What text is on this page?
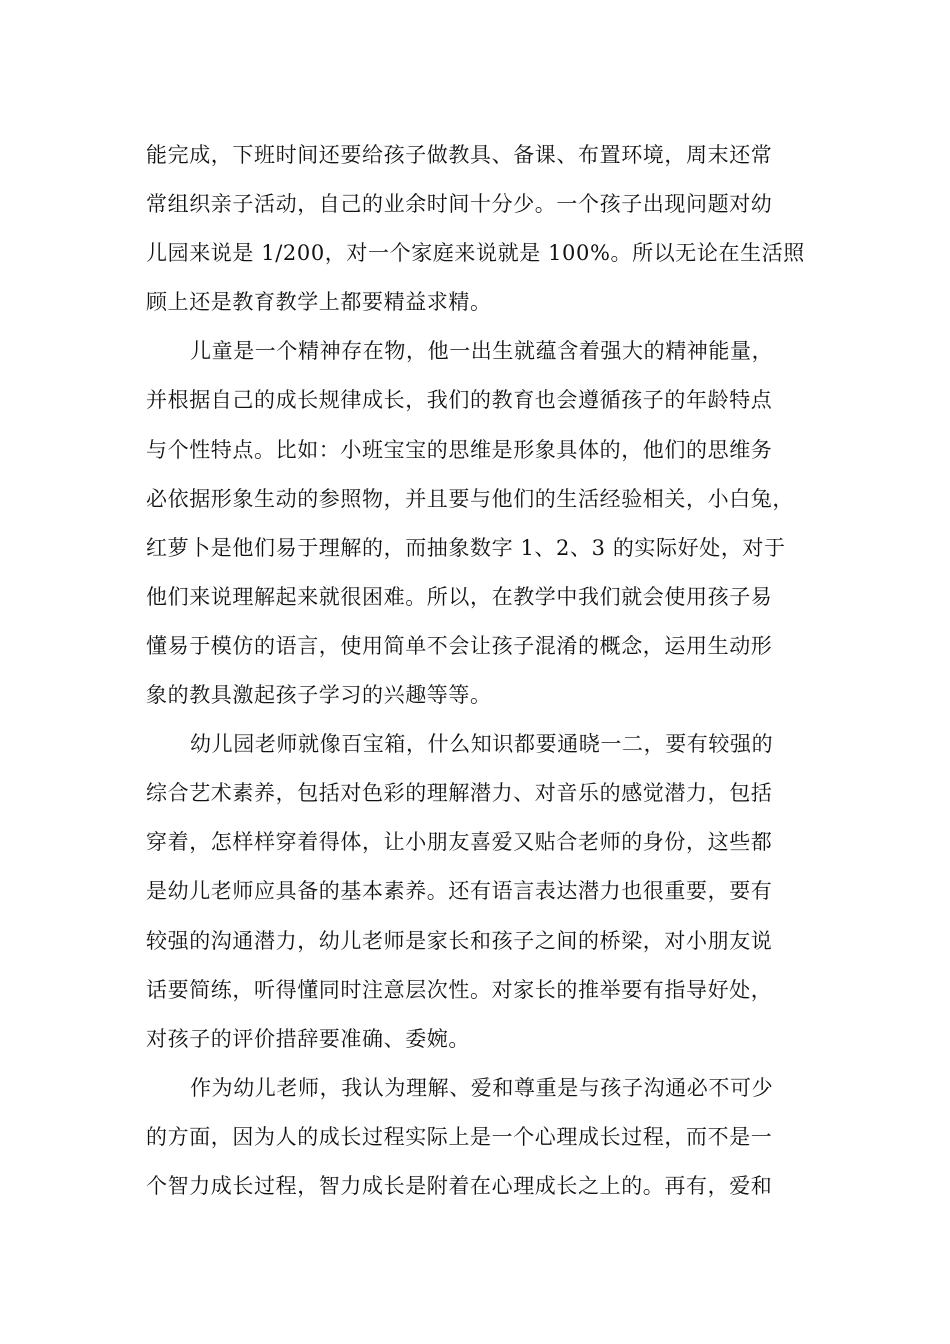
能完成，下班时间还要给孩子做教具、备课、布置环境，周末还常
常组织亲子活动，自己的业余时间十分少。一个孩子出现问题对幼
儿园来说是 1/200，对一个家庭来说就是 100%。所以无论在生活照
顾上还是教育教学上都要精益求精。
儿童是一个精神存在物，他一出生就蕴含着强大的精神能量，
并根据自己的成长规律成长，我们的教育也会遵循孩子的年龄特点
与个性特点。比如：小班宝宝的思维是形象具体的，他们的思维务
必依据形象生动的参照物，并且要与他们的生活经验相关，小白兔，
红萝卜是他们易于理解的，而抽象数字 1、2、3 的实际好处，对于
他们来说理解起来就很困难。所以，在教学中我们就会使用孩子易
懂易于模仿的语言，使用简单不会让孩子混淆的概念，运用生动形
象的教具激起孩子学习的兴趣等等。
幼儿园老师就像百宝箱，什么知识都要通晓一二，要有较强的
综合艺术素养，包括对色彩的理解潜力、对音乐的感觉潜力，包括
穿着，怎样样穿着得体，让小朋友喜爱又贴合老师的身份，这些都
是幼儿老师应具备的基本素养。还有语言表达潜力也很重要，要有
较强的沟通潜力，幼儿老师是家长和孩子之间的桥梁，对小朋友说
话要简练，听得懂同时注意层次性。对家长的推举要有指导好处，
对孩子的评价措辞要准确、委婉。
作为幼儿老师，我认为理解、爱和尊重是与孩子沟通必不可少
的方面，因为人的成长过程实际上是一个心理成长过程，而不是一
个智力成长过程，智力成长是附着在心理成长之上的。再有，爱和
